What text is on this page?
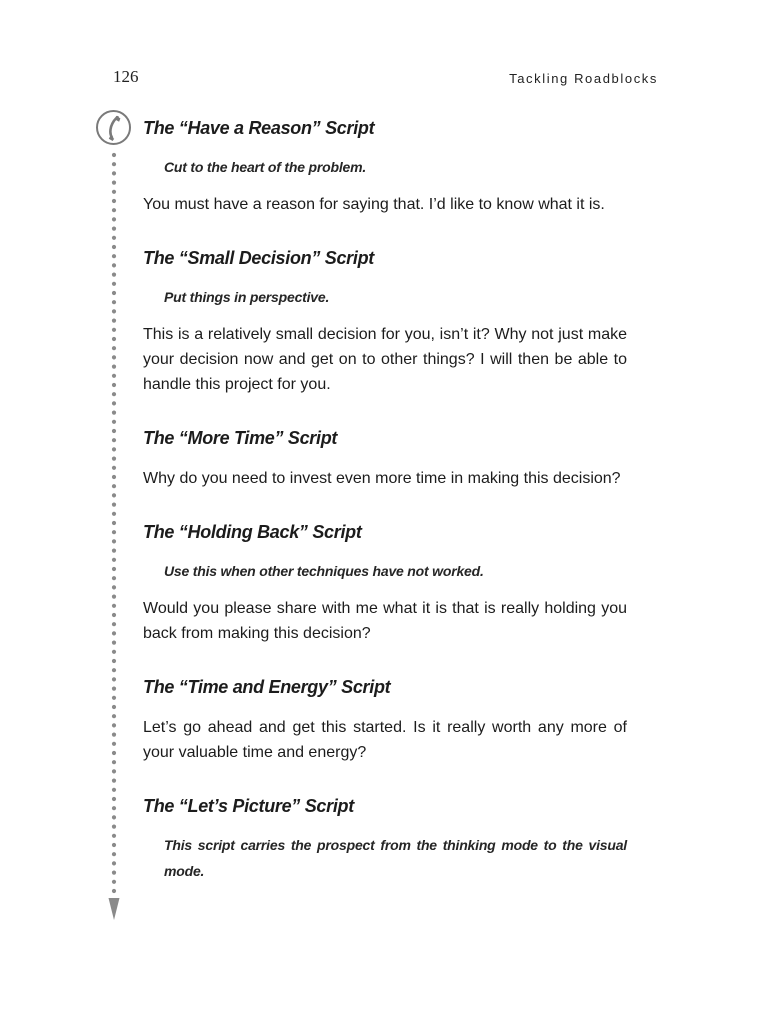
126	Tackling Roadblocks
The “Have a Reason” Script

Cut to the heart of the problem.

You must have a reason for saying that. I’d like to know what it is.

The “Small Decision” Script

Put things in perspective.

This is a relatively small decision for you, isn’t it? Why not just make your decision now and get on to other things? I will then be able to handle this project for you.

The “More Time” Script

Why do you need to invest even more time in making this decision?

The “Holding Back” Script

Use this when other techniques have not worked.

Would you please share with me what it is that is really holding you back from making this decision?

The “Time and Energy” Script

Let’s go ahead and get this started. Is it really worth any more of your valuable time and energy?

The “Let’s Picture” Script

This script carries the prospect from the thinking mode to the visual mode.
